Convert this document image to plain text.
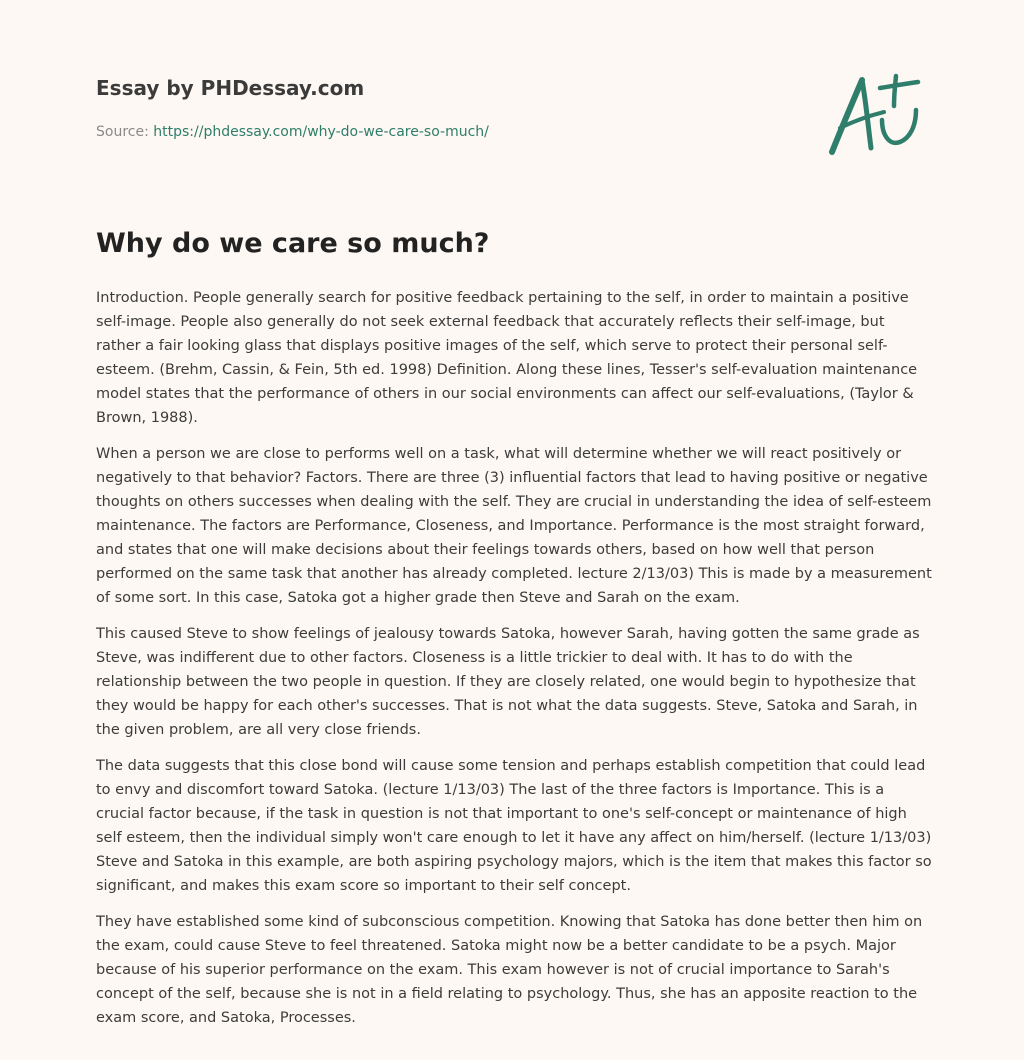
Essay by PHDessay.com
Source: https://phdessay.com/why-do-we-care-so-much/
Why do we care so much?

Introduction. People generally search for positive feedback pertaining to the self, in order to maintain a positive self-image. People also generally do not seek external feedback that accurately reflects their self-image, but rather a fair looking glass that displays positive images of the self, which serve to protect their personal self-esteem. (Brehm, Cassin, & Fein, 5th ed. 1998) Definition. Along these lines, Tesser's self-evaluation maintenance model states that the performance of others in our social environments can affect our self-evaluations, (Taylor & Brown, 1988).

When a person we are close to performs well on a task, what will determine whether we will react positively or negatively to that behavior? Factors. There are three (3) influential factors that lead to having positive or negative thoughts on others successes when dealing with the self. They are crucial in understanding the idea of self-esteem maintenance. The factors are Performance, Closeness, and Importance. Performance is the most straight forward, and states that one will make decisions about their feelings towards others, based on how well that person performed on the same task that another has already completed. lecture 2/13/03) This is made by a measurement of some sort. In this case, Satoka got a higher grade then Steve and Sarah on the exam.

This caused Steve to show feelings of jealousy towards Satoka, however Sarah, having gotten the same grade as Steve, was indifferent due to other factors. Closeness is a little trickier to deal with. It has to do with the relationship between the two people in question. If they are closely related, one would begin to hypothesize that they would be happy for each other's successes. That is not what the data suggests. Steve, Satoka and Sarah, in the given problem, are all very close friends.

The data suggests that this close bond will cause some tension and perhaps establish competition that could lead to envy and discomfort toward Satoka. (lecture 1/13/03) The last of the three factors is Importance. This is a crucial factor because, if the task in question is not that important to one's self-concept or maintenance of high self esteem, then the individual simply won't care enough to let it have any affect on him/herself. (lecture 1/13/03) Steve and Satoka in this example, are both aspiring psychology majors, which is the item that makes this factor so significant, and makes this exam score so important to their self concept.

They have established some kind of subconscious competition. Knowing that Satoka has done better then him on the exam, could cause Steve to feel threatened. Satoka might now be a better candidate to be a psych. Major because of his superior performance on the exam. This exam however is not of crucial importance to Sarah's concept of the self, because she is not in a field relating to psychology. Thus, she has an apposite reaction to the exam score, and Satoka, Processes.
